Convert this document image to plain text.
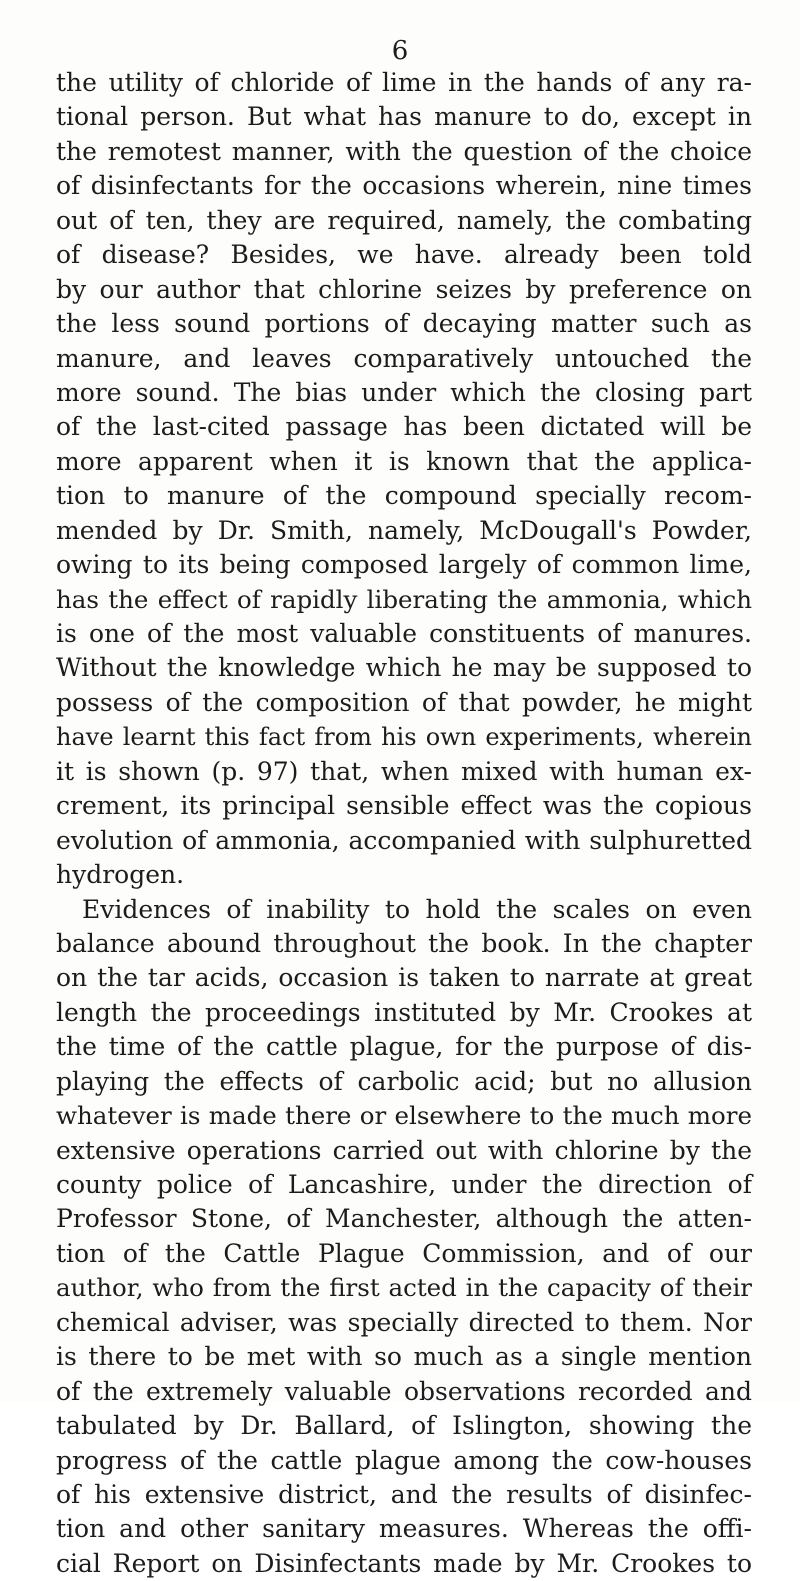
6
the utility of chloride of lime in the hands of any ra-
tional person. But what has manure to do, except in
the remotest manner, with the question of the choice
of disinfectants for the occasions wherein, nine times
out of ten, they are required, namely, the combating
of disease? Besides, we have. already been told
by our author that chlorine seizes by preference on
the less sound portions of decaying matter such as
manure, and leaves comparatively untouched the
more sound. The bias under which the closing part
of the last-cited passage has been dictated will be
more apparent when it is known that the applica-
tion to manure of the compound specially recom-
mended by Dr. Smith, namely, McDougall's Powder,
owing to its being composed largely of common lime,
has the effect of rapidly liberating the ammonia, which
is one of the most valuable constituents of manures.
Without the knowledge which he may be supposed to
possess of the composition of that powder, he might
have learnt this fact from his own experiments, wherein
it is shown (p. 97) that, when mixed with human ex-
crement, its principal sensible effect was the copious
evolution of ammonia, accompanied with sulphuretted
hydrogen.
Evidences of inability to hold the scales on even
balance abound throughout the book. In the chapter
on the tar acids, occasion is taken to narrate at great
length the proceedings instituted by Mr. Crookes at
the time of the cattle plague, for the purpose of dis-
playing the effects of carbolic acid; but no allusion
whatever is made there or elsewhere to the much more
extensive operations carried out with chlorine by the
county police of Lancashire, under the direction of
Professor Stone, of Manchester, although the atten-
tion of the Cattle Plague Commission, and of our
author, who from the first acted in the capacity of their
chemical adviser, was specially directed to them. Nor
is there to be met with so much as a single mention
of the extremely valuable observations recorded and
tabulated by Dr. Ballard, of Islington, showing the
progress of the cattle plague among the cow-houses
of his extensive district, and the results of disinfec-
tion and other sanitary measures. Whereas the offi-
cial Report on Disinfectants made by Mr. Crookes to
